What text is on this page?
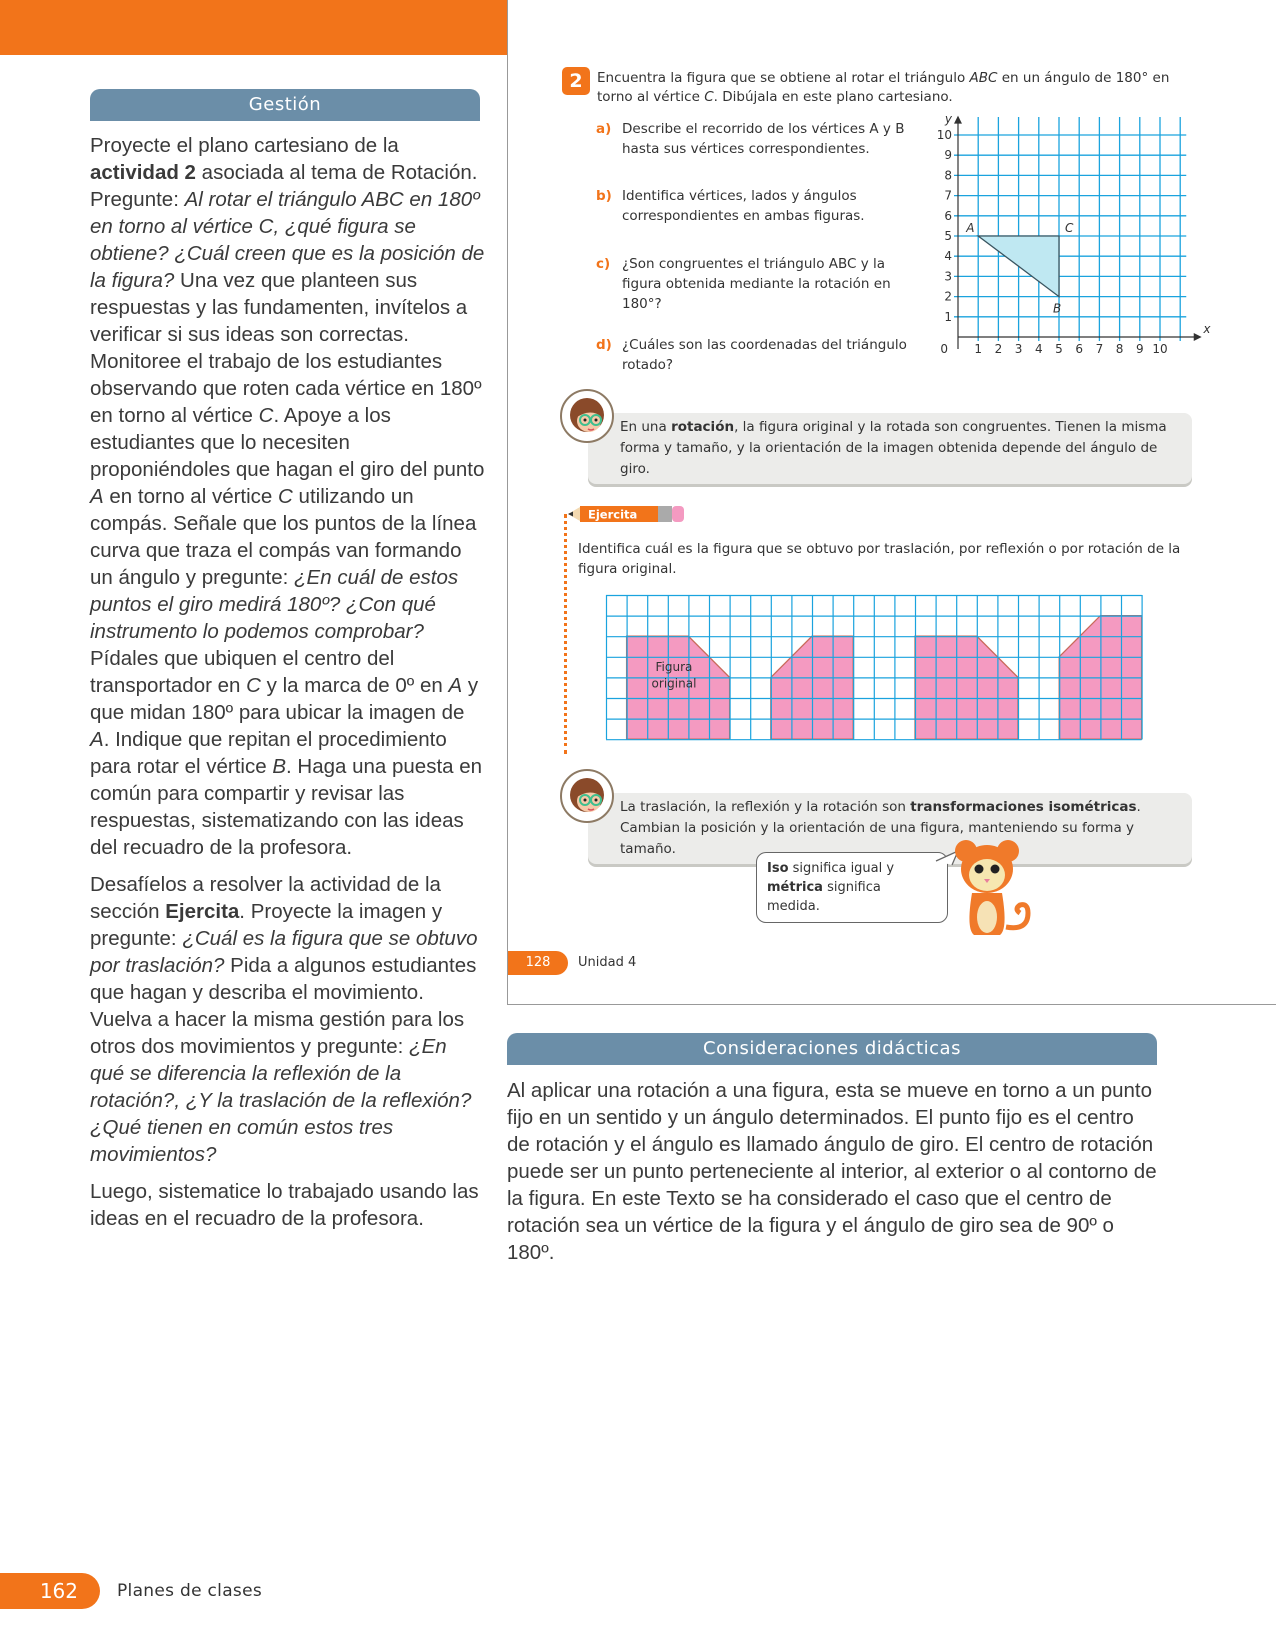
Gestión

Proyecte el plano cartesiano de la actividad 2 asociada al tema de Rotación. Pregunte: Al rotar el triángulo ABC en 180º en torno al vértice C, ¿qué figura se obtiene? ¿Cuál creen que es la posición de la figura? Una vez que planteen sus respuestas y las fundamenten, invítelos a verificar si sus ideas son correctas. Monitoree el trabajo de los estudiantes observando que roten cada vértice en 180º en torno al vértice C. Apoye a los estudiantes que lo necesiten proponiéndoles que hagan el giro del punto A en torno al vértice C utilizando un compás. Señale que los puntos de la línea curva que traza el compás van formando un ángulo y pregunte: ¿En cuál de estos puntos el giro medirá 180º? ¿Con qué instrumento lo podemos comprobar? Pídales que ubiquen el centro del transportador en C y la marca de 0º en A y que midan 180º para ubicar la imagen de A. Indique que repitan el procedimiento para rotar el vértice B. Haga una puesta en común para compartir y revisar las respuestas, sistematizando con las ideas del recuadro de la profesora.

Desafíelos a resolver la actividad de la sección Ejercita. Proyecte la imagen y pregunte: ¿Cuál es la figura que se obtuvo por traslación? Pida a algunos estudiantes que hagan y describa el movimiento. Vuelva a hacer la misma gestión para los otros dos movimientos y pregunte: ¿En qué se diferencia la reflexión de la rotación?, ¿Y la traslación de la reflexión? ¿Qué tienen en común estos tres movimientos?

Luego, sistematice lo trabajado usando las ideas en el recuadro de la profesora.

2	Encuentra la figura que se obtiene al rotar el triángulo ABC en un ángulo de 180° en torno al vértice C. Dibújala en este plano cartesiano.
a) Describe el recorrido de los vértices A y B hasta sus vértices correspondientes.
b) Identifica vértices, lados y ángulos correspondientes en ambas figuras.
c) ¿Son congruentes el triángulo ABC y la figura obtenida mediante la rotación en 180°?
d) ¿Cuáles son las coordenadas del triángulo rotado?
1 2 3 4 5 6 7 8 9 10
1
2
3
4
5
6
7
8
9
10
0
y
x
A	C
B
En una rotación, la figura original y la rotada son congruentes. Tienen la misma forma y tamaño, y la orientación de la imagen obtenida depende del ángulo de giro.
Ejercita
Identifica cuál es la figura que se obtuvo por traslación, por reflexión o por rotación de la figura original.
Figura
original
La traslación, la reflexión y la rotación son transformaciones isométricas. Cambian la posición y la orientación de una figura, manteniendo su forma y tamaño.
Iso significa igual y métrica significa medida.
128	Unidad 4
Consideraciones didácticas
Al aplicar una rotación a una figura, esta se mueve en torno a un punto fijo en un sentido y un ángulo determinados. El punto fijo es el centro de rotación y el ángulo es llamado ángulo de giro. El centro de rotación puede ser un punto perteneciente al interior, al exterior o al contorno de la figura. En este Texto se ha considerado el caso que el centro de rotación sea un vértice de la figura y el ángulo de giro sea de 90º o 180º.
162	Planes de clases
